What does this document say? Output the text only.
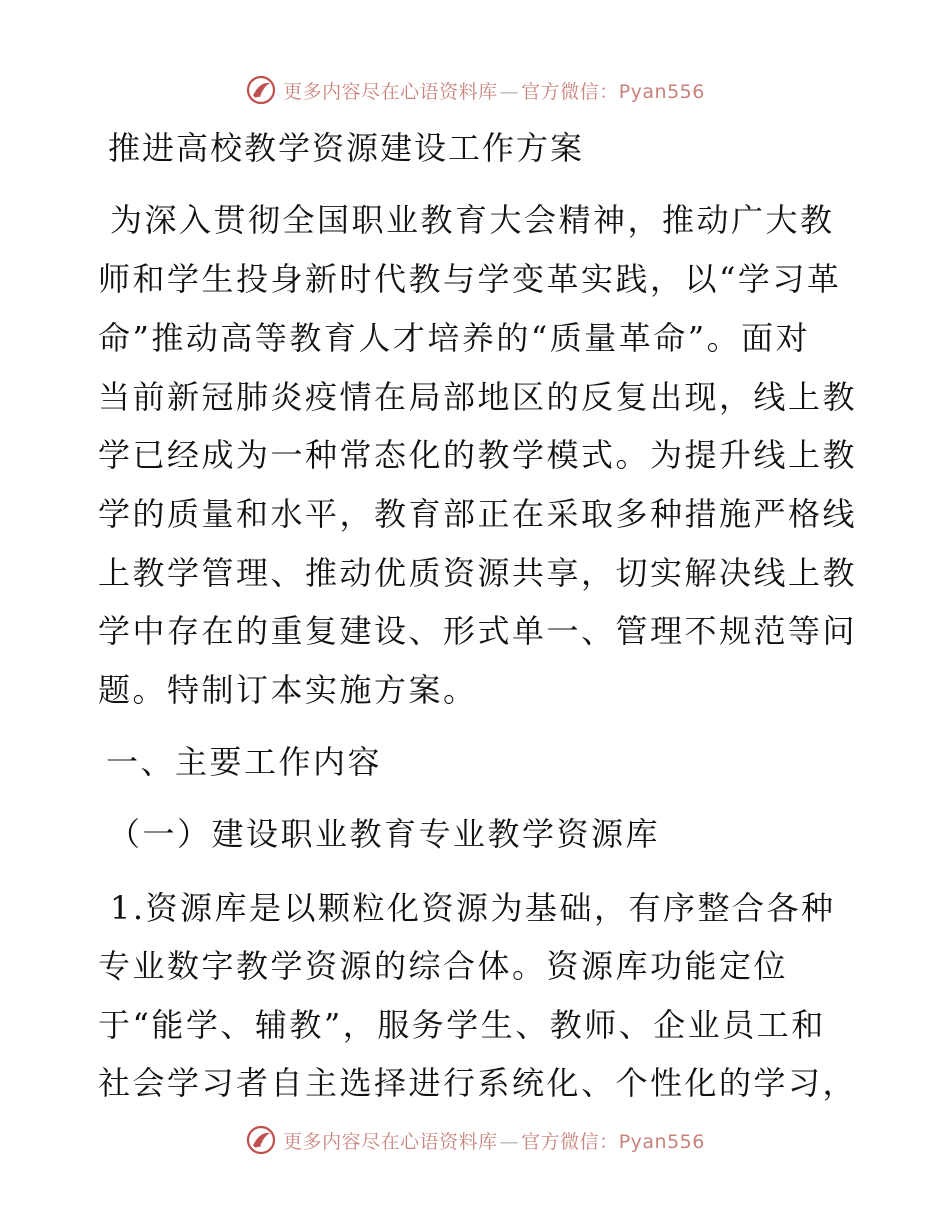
更多内容尽在心语资料库 — 官方微信：Pyan556
推进高校教学资源建设工作方案
为深入贯彻全国职业教育大会精神，推动广大教
师和学生投身新时代教与学变革实践，以“学习革
命”推动高等教育人才培养的“质量革命”。面对
当前新冠肺炎疫情在局部地区的反复出现，线上教
学已经成为一种常态化的教学模式。为提升线上教
学的质量和水平，教育部正在采取多种措施严格线
上教学管理、推动优质资源共享，切实解决线上教
学中存在的重复建设、形式单一、管理不规范等问
题。特制订本实施方案。
一、主要工作内容
（一）建设职业教育专业教学资源库
1.资源库是以颗粒化资源为基础，有序整合各种
专业数字教学资源的综合体。资源库功能定位
于“能学、辅教”，服务学生、教师、企业员工和
社会学习者自主选择进行系统化、个性化的学习，
更多内容尽在心语资料库 — 官方微信：Pyan556
